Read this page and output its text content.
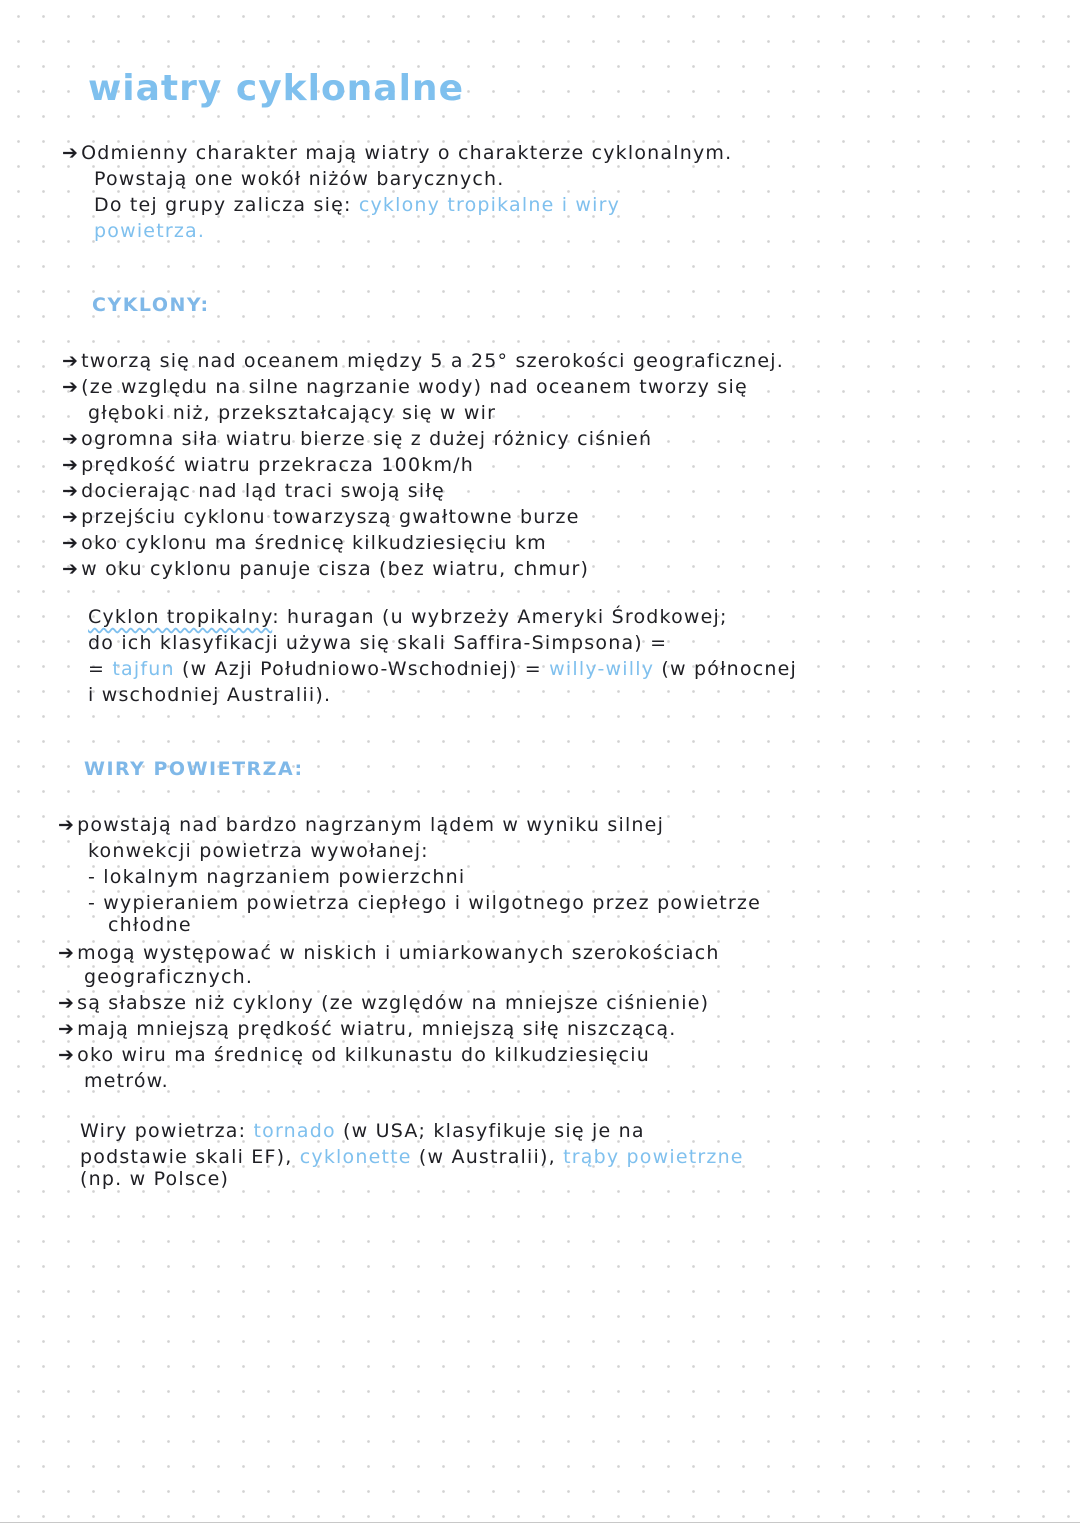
wiatry cyklonalne
➔ Odmienny charakter mają wiatry o charakterze cyklonalnym.
Powstają one wokół niżów barycznych.
Do tej grupy zalicza się: cyklony tropikalne i wiry
powietrza.
CYKLONY:
➔ tworzą się nad oceanem między 5 a 25° szerokości geograficznej.
➔ (ze względu na silne nagrzanie wody) nad oceanem tworzy się
głęboki niż, przekształcający się w wir
➔ ogromna siła wiatru bierze się z dużej różnicy ciśnień
➔ prędkość wiatru przekracza 100km/h
➔ docierając nad ląd traci swoją siłę
➔ przejściu cyklonu towarzyszą gwałtowne burze
➔ oko cyklonu ma średnicę kilkudziesięciu km
➔ w oku cyklonu panuje cisza (bez wiatru, chmur)
Cyklon tropikalny: huragan (u wybrzeży Ameryki Środkowej;
do ich klasyfikacji używa się skali Saffira-Simpsona) =
= tajfun (w Azji Południowo-Wschodniej) = willy-willy (w północnej
i wschodniej Australii).
WIRY POWIETRZA:
➔ powstają nad bardzo nagrzanym lądem w wyniku silnej
konwekcji powietrza wywołanej:
- lokalnym nagrzaniem powierzchni
- wypieraniem powietrza ciepłego i wilgotnego przez powietrze
chłodne
➔ mogą występować w niskich i umiarkowanych szerokościach
geograficznych.
➔ są słabsze niż cyklony (ze względów na mniejsze ciśnienie)
➔ mają mniejszą prędkość wiatru, mniejszą siłę niszczącą.
➔ oko wiru ma średnicę od kilkunastu do kilkudziesięciu
metrów.
Wiry powietrza: tornado (w USA; klasyfikuje się je na
podstawie skali EF), cyklonette (w Australii), trąby powietrzne
(np. w Polsce)
